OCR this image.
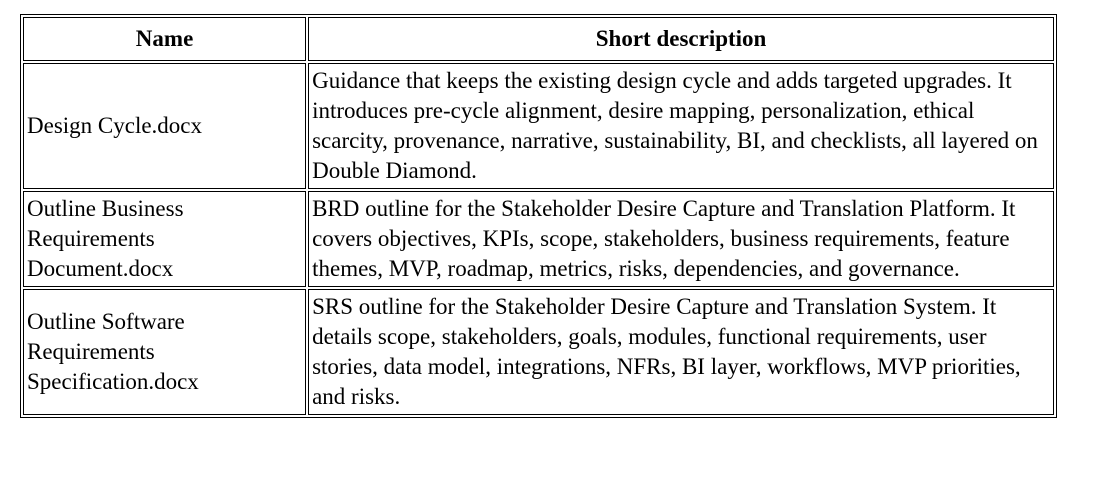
Name	Short description
Design Cycle.docx	Guidance that keeps the existing design cycle and adds targeted upgrades. It introduces pre-cycle alignment, desire mapping, personalization, ethical scarcity, provenance, narrative, sustainability, BI, and checklists, all layered on Double Diamond.
Outline Business Requirements Document.docx	BRD outline for the Stakeholder Desire Capture and Translation Platform. It covers objectives, KPIs, scope, stakeholders, business requirements, feature themes, MVP, roadmap, metrics, risks, dependencies, and governance.
Outline Software Requirements Specification.docx	SRS outline for the Stakeholder Desire Capture and Translation System. It details scope, stakeholders, goals, modules, functional requirements, user stories, data model, integrations, NFRs, BI layer, workflows, MVP priorities, and risks.
